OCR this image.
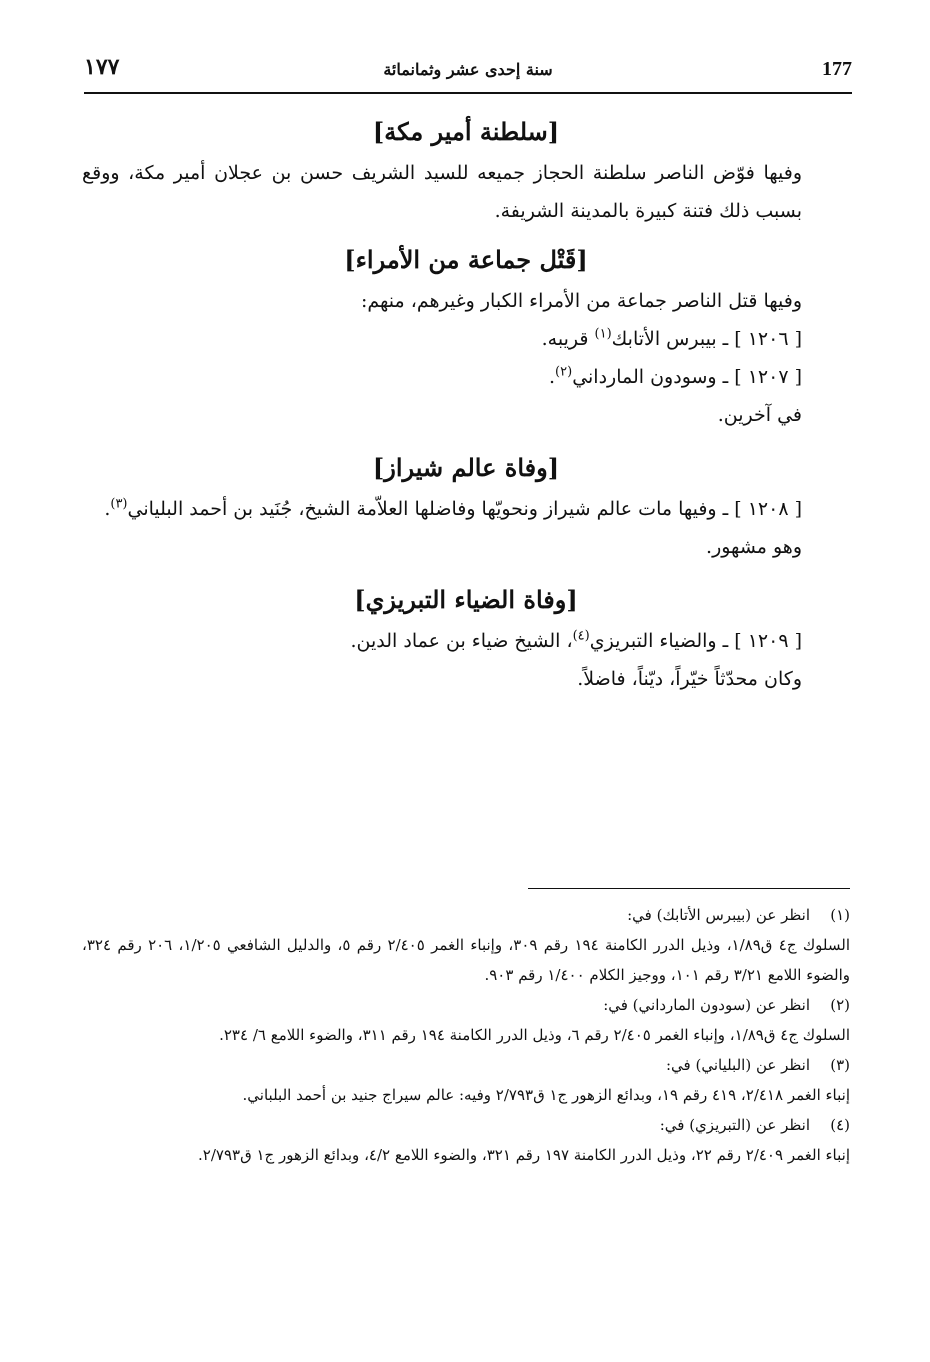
١٧٧	سنة إحدى عشر وثمانمائة	177
[سلطنة أمير مكة]
وفيها فوّض الناصر سلطنة الحجاز جميعه للسيد الشريف حسن بن عجلان أمير مكة، ووقع بسبب ذلك فتنة كبيرة بالمدينة الشريفة.
[قَتْل جماعة من الأمراء]
وفيها قتل الناصر جماعة من الأمراء الكبار وغيرهم، منهم:
[ ١٢٠٦ ] ـ بيبرس الأتابك$^{(١)}$ قريبه.
[ ١٢٠٧ ] ـ وسودون المارداني$^{(٢)}$.
في آخرين.
[وفاة عالم شيراز]
[ ١٢٠٨ ] ـ وفيها مات عالم شيراز ونحويّها وفاضلها العلاّمة الشيخ، جُنَيد بن أحمد البلياني$^{(٣)}$.
وهو مشهور.
[وفاة الضياء التبريزي]
[ ١٢٠٩ ] ـ والضياء التبريزي$^{(٤)}$، الشيخ ضياء بن عماد الدين.
وكان محدّثاً خيّراً، ديّناً، فاضلاً.
(١)
انظر عن (بيبرس الأتابك) في:
السلوك ج٤ ق١/٨٩، وذيل الدرر الكامنة ١٩٤ رقم ٣٠٩، وإنباء الغمر ٢/٤٠٥ رقم ٥، والدليل الشافعي ١/٢٠٥، ٢٠٦ رقم ٣٢٤، والضوء اللامع ٣/٢١ رقم ١٠١، ووجيز الكلام ١/٤٠٠ رقم ٩٠٣.
(٢)
انظر عن (سودون المارداني) في:
السلوك ج٤ ق١/٨٩، وإنباء الغمر ٢/٤٠٥ رقم ٦، وذيل الدرر الكامنة ١٩٤ رقم ٣١١، والضوء اللامع ٦/ ٢٣٤.
(٣)
انظر عن (البلياني) في:
إنباء الغمر ٢/٤١٨، ٤١٩ رقم ١٩، وبدائع الزهور ج١ ق٢/٧٩٣ وفيه: عالم سيراج جنيد بن أحمد البلباني.
(٤)
انظر عن (التبريزي) في:
إنباء الغمر ٢/٤٠٩ رقم ٢٢، وذيل الدرر الكامنة ١٩٧ رقم ٣٢١، والضوء اللامع ٤/٢، وبدائع الزهور ج١ ق٢/٧٩٣.
